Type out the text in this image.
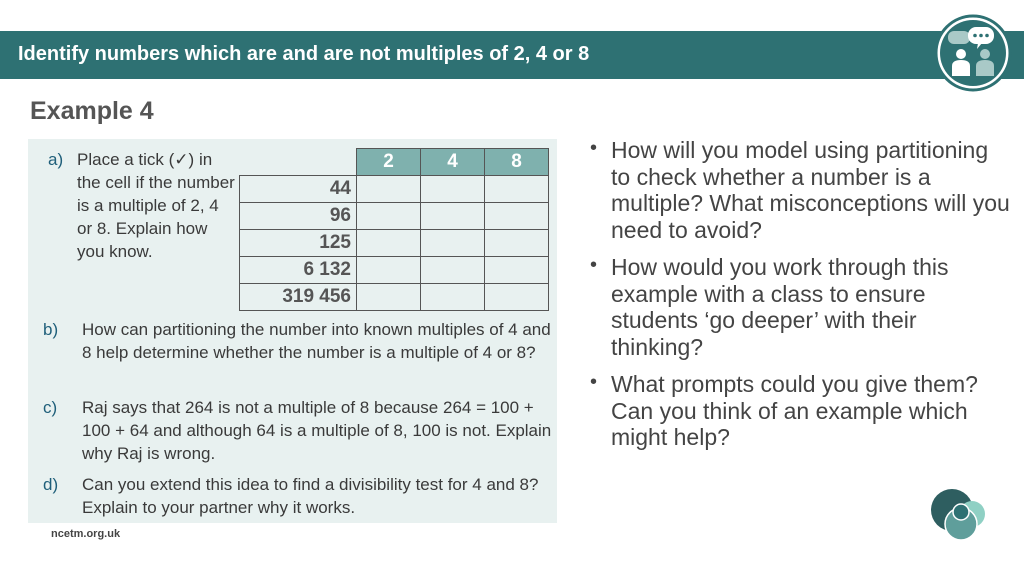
Identify numbers which are and are not multiples of 2, 4 or 8
Example 4
a) Place a tick (✓) in the cell if the number is a multiple of 2, 4 or 8. Explain how you know.
	2	4	8
44			
96			
125			
6 132			
319 456			
b) How can partitioning the number into known multiples of 4 and 8 help determine whether the number is a multiple of 4 or 8?
c) Raj says that 264 is not a multiple of 8 because 264 = 100 + 100 + 64 and although 64 is a multiple of 8, 100 is not. Explain why Raj is wrong.
d) Can you extend this idea to find a divisibility test for 4 and 8? Explain to your partner why it works.
• How will you model using partitioning to check whether a number is a multiple? What misconceptions will you need to avoid?
• How would you work through this example with a class to ensure students ‘go deeper’ with their thinking?
• What prompts could you give them? Can you think of an example which might help?
ncetm.org.uk
